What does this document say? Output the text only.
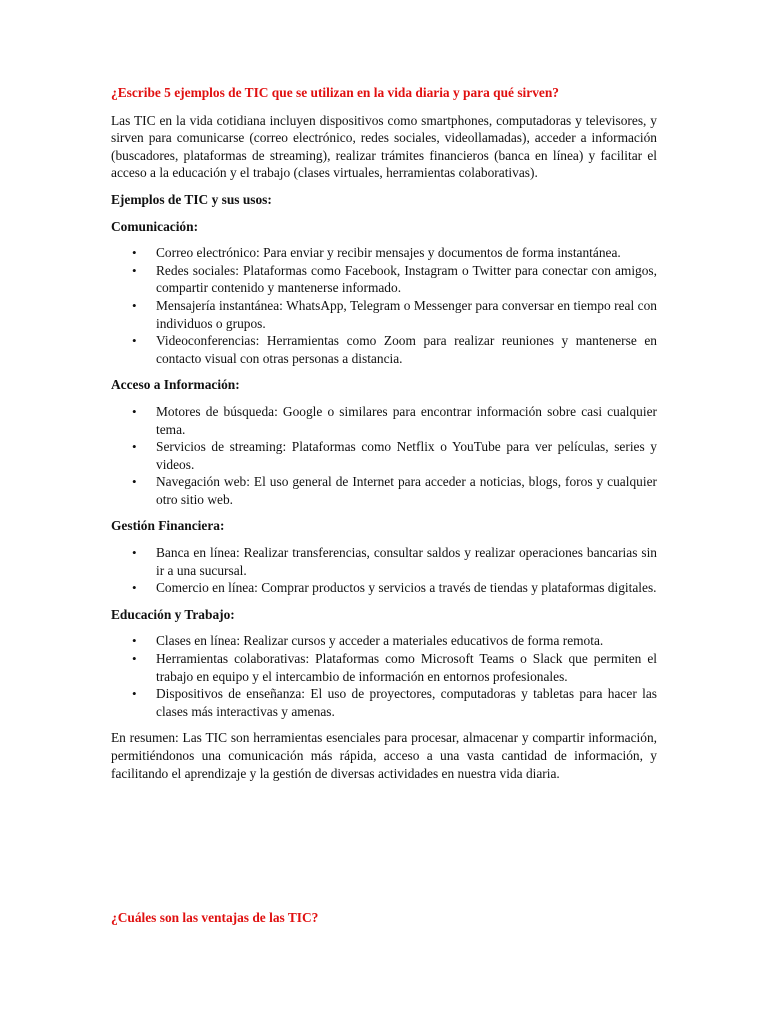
¿Escribe 5 ejemplos de TIC que se utilizan en la vida diaria y para qué sirven?

Las TIC en la vida cotidiana incluyen dispositivos como smartphones, computadoras y televisores, y sirven para comunicarse (correo electrónico, redes sociales, videollamadas), acceder a información (buscadores, plataformas de streaming), realizar trámites financieros (banca en línea) y facilitar el acceso a la educación y el trabajo (clases virtuales, herramientas colaborativas).

Ejemplos de TIC y sus usos:

Comunicación:

• Correo electrónico: Para enviar y recibir mensajes y documentos de forma instantánea.
• Redes sociales: Plataformas como Facebook, Instagram o Twitter para conectar con amigos, compartir contenido y mantenerse informado.
• Mensajería instantánea: WhatsApp, Telegram o Messenger para conversar en tiempo real con individuos o grupos.
• Videoconferencias: Herramientas como Zoom para realizar reuniones y mantenerse en contacto visual con otras personas a distancia.

Acceso a Información:

• Motores de búsqueda: Google o similares para encontrar información sobre casi cualquier tema.
• Servicios de streaming: Plataformas como Netflix o YouTube para ver películas, series y videos.
• Navegación web: El uso general de Internet para acceder a noticias, blogs, foros y cualquier otro sitio web.

Gestión Financiera:

• Banca en línea: Realizar transferencias, consultar saldos y realizar operaciones bancarias sin ir a una sucursal.
• Comercio en línea: Comprar productos y servicios a través de tiendas y plataformas digitales.

Educación y Trabajo:

• Clases en línea: Realizar cursos y acceder a materiales educativos de forma remota.
• Herramientas colaborativas: Plataformas como Microsoft Teams o Slack que permiten el trabajo en equipo y el intercambio de información en entornos profesionales.
• Dispositivos de enseñanza: El uso de proyectores, computadoras y tabletas para hacer las clases más interactivas y amenas.

En resumen: Las TIC son herramientas esenciales para procesar, almacenar y compartir información, permitiéndonos una comunicación más rápida, acceso a una vasta cantidad de información, y facilitando el aprendizaje y la gestión de diversas actividades en nuestra vida diaria.

¿Cuáles son las ventajas de las TIC?
